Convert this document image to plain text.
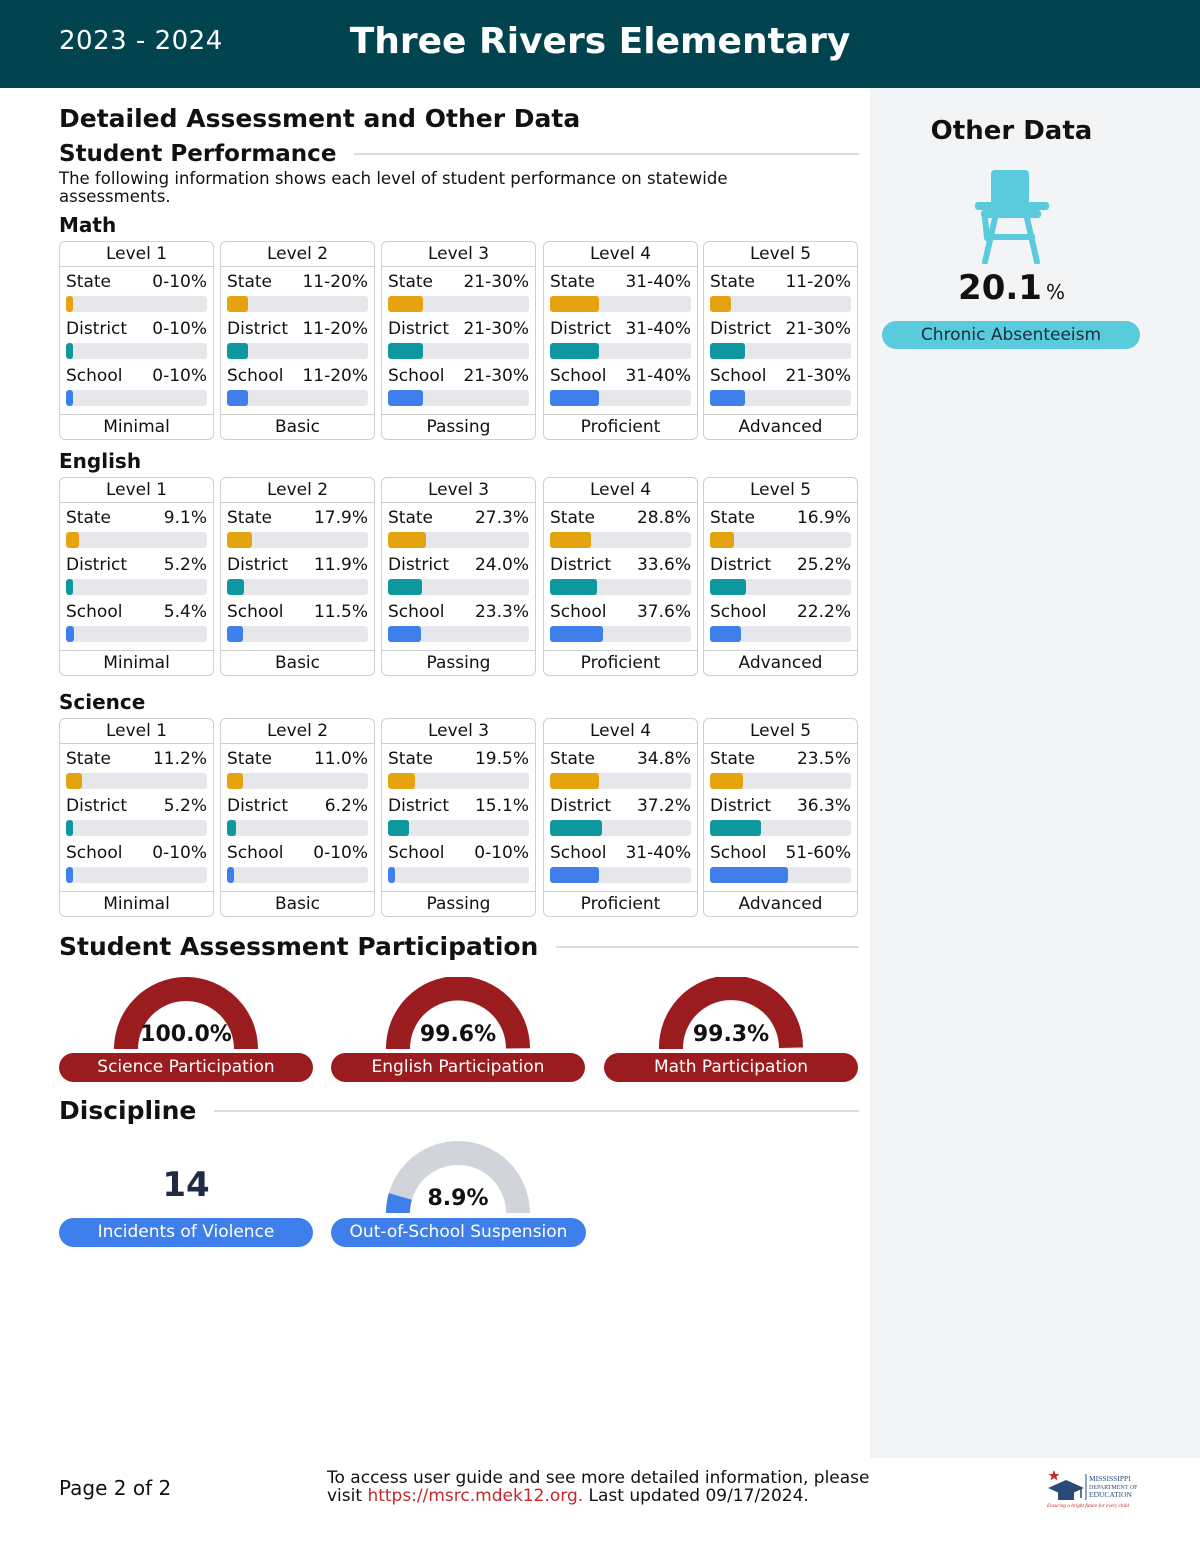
2023 - 2024	Three Rivers Elementary
Other Data
20.1 %
Chronic Absenteeism
Detailed Assessment and Other Data
Student Performance
The following information shows each level of student performance on statewide assessments.
Math
Level 1
State 0-10%
District 0-10%
School 0-10%
Minimal
Level 2
State 11-20%
District 11-20%
School 11-20%
Basic
Level 3
State 21-30%
District 21-30%
School 21-30%
Passing
Level 4
State 31-40%
District 31-40%
School 31-40%
Proficient
Level 5
State 11-20%
District 21-30%
School 21-30%
Advanced
English
Level 1
State	9.1%
District 5.2%
School 5.4%
Minimal
Level 2
State 17.9%
District 11.9%
School 11.5%
Basic
Level 3
State 27.3%
District 24.0%
School 23.3%
Passing
Level 4
State 28.8%
District 33.6%
School 37.6%
Proficient
Level 5
State 16.9%
District 25.2%
School 22.2%
Advanced
Science
Level 1
State 11.2%
District 5.2%
School 0-10%
Minimal
Level 2
State 11.0%
District 6.2%
School 0-10%
Basic
Level 3
State 19.5%
District 15.1%
School 0-10%
Passing
Level 4
State 34.8%
District 37.2%
School 31-40%
Proficient
Level 5
State 23.5%
District 36.3%
School 51-60%
Advanced
Student Assessment Participation
100.0%
Science Participation
99.6%
English Participation
99.3%
Math Participation
Discipline
14
Incidents of Violence
8.9%
Out-of-School Suspension
Page 2 of 2	To access user guide and see more detailed information, please
visit https://msrc.mdek12.org. Last updated 09/17/2024.
MISSISSIPPI
DEPARTMENT OF
EDUCATION
Ensuring a bright future for every child
